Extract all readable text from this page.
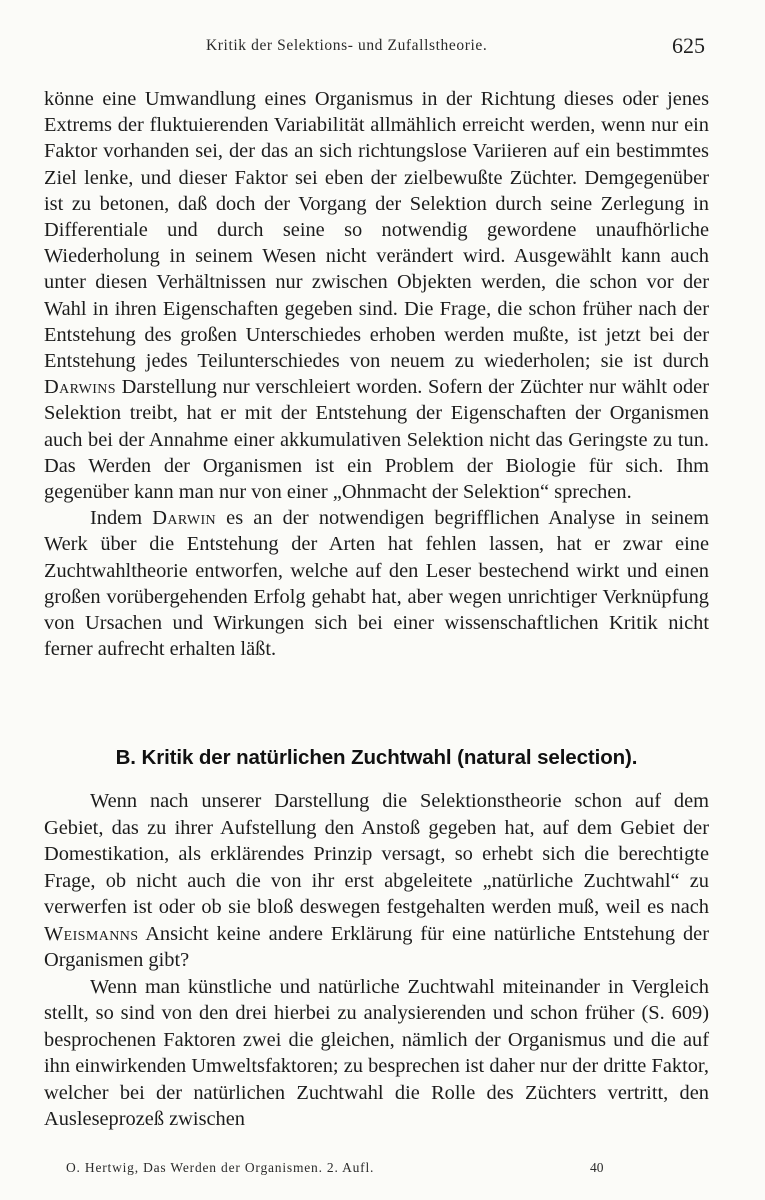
Kritik der Selektions- und Zufallstheorie.	625

könne eine Umwandlung eines Organismus in der Richtung dieses oder jenes Extrems der fluktuierenden Variabilität allmählich erreicht werden, wenn nur ein Faktor vorhanden sei, der das an sich richtungslose Variieren auf ein bestimmtes Ziel lenke, und dieser Faktor sei eben der zielbewußte Züchter. Demgegenüber ist zu betonen, daß doch der Vorgang der Selektion durch seine Zerlegung in Differentiale und durch seine so notwendig gewordene unaufhörliche Wiederholung in seinem Wesen nicht verändert wird. Ausgewählt kann auch unter diesen Verhältnissen nur zwischen Objekten werden, die schon vor der Wahl in ihren Eigenschaften gegeben sind. Die Frage, die schon früher nach der Entstehung des großen Unterschiedes erhoben werden mußte, ist jetzt bei der Entstehung jedes Teilunterschiedes von neuem zu wiederholen; sie ist durch Darwins Darstellung nur verschleiert worden. Sofern der Züchter nur wählt oder Selektion treibt, hat er mit der Entstehung der Eigenschaften der Organismen auch bei der Annahme einer akkumulativen Selektion nicht das Geringste zu tun. Das Werden der Organismen ist ein Problem der Biologie für sich. Ihm gegenüber kann man nur von einer „Ohnmacht der Selektion“ sprechen.

Indem Darwin es an der notwendigen begrifflichen Analyse in seinem Werk über die Entstehung der Arten hat fehlen lassen, hat er zwar eine Zuchtwahltheorie entworfen, welche auf den Leser bestechend wirkt und einen großen vorübergehenden Erfolg gehabt hat, aber wegen unrichtiger Verknüpfung von Ursachen und Wirkungen sich bei einer wissenschaftlichen Kritik nicht ferner aufrecht erhalten läßt.

B. Kritik der natürlichen Zuchtwahl (natural selection).

Wenn nach unserer Darstellung die Selektionstheorie schon auf dem Gebiet, das zu ihrer Aufstellung den Anstoß gegeben hat, auf dem Gebiet der Domestikation, als erklärendes Prinzip versagt, so erhebt sich die berechtigte Frage, ob nicht auch die von ihr erst abgeleitete „natürliche Zuchtwahl“ zu verwerfen ist oder ob sie bloß deswegen festgehalten werden muß, weil es nach Weismanns Ansicht keine andere Erklärung für eine natürliche Entstehung der Organismen gibt?

Wenn man künstliche und natürliche Zuchtwahl miteinander in Vergleich stellt, so sind von den drei hierbei zu analysierenden und schon früher (S. 609) besprochenen Faktoren zwei die gleichen, nämlich der Organismus und die auf ihn einwirkenden Umweltsfaktoren; zu besprechen ist daher nur der dritte Faktor, welcher bei der natürlichen Zuchtwahl die Rolle des Züchters vertritt, den Ausleseprozeß zwischen

O. Hertwig, Das Werden der Organismen. 2. Aufl.	40
